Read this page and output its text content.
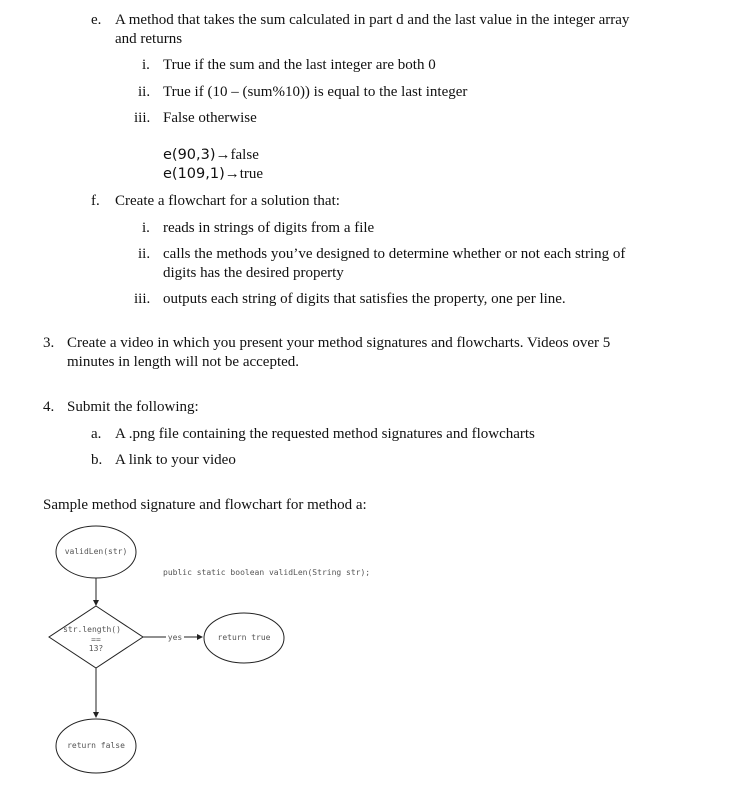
e. A method that takes the sum calculated in part d and the last value in the integer array
and returns
i. True if the sum and the last integer are both 0
ii. True if (10 – (sum%10)) is equal to the last integer
iii. False otherwise
e(90,3)→false
e(109,1)→true
f. Create a flowchart for a solution that:
i. reads in strings of digits from a file
ii. calls the methods you’ve designed to determine whether or not each string of
digits has the desired property
iii. outputs each string of digits that satisfies the property, one per line.
3. Create a video in which you present your method signatures and flowcharts. Videos over 5
minutes in length will not be accepted.
4. Submit the following:
a. A .png file containing the requested method signatures and flowcharts
b. A link to your video
Sample method signature and flowchart for method a:
validLen(str)
public static boolean validLen(String str);
str.length()
==
13?
yes	return true
return false
